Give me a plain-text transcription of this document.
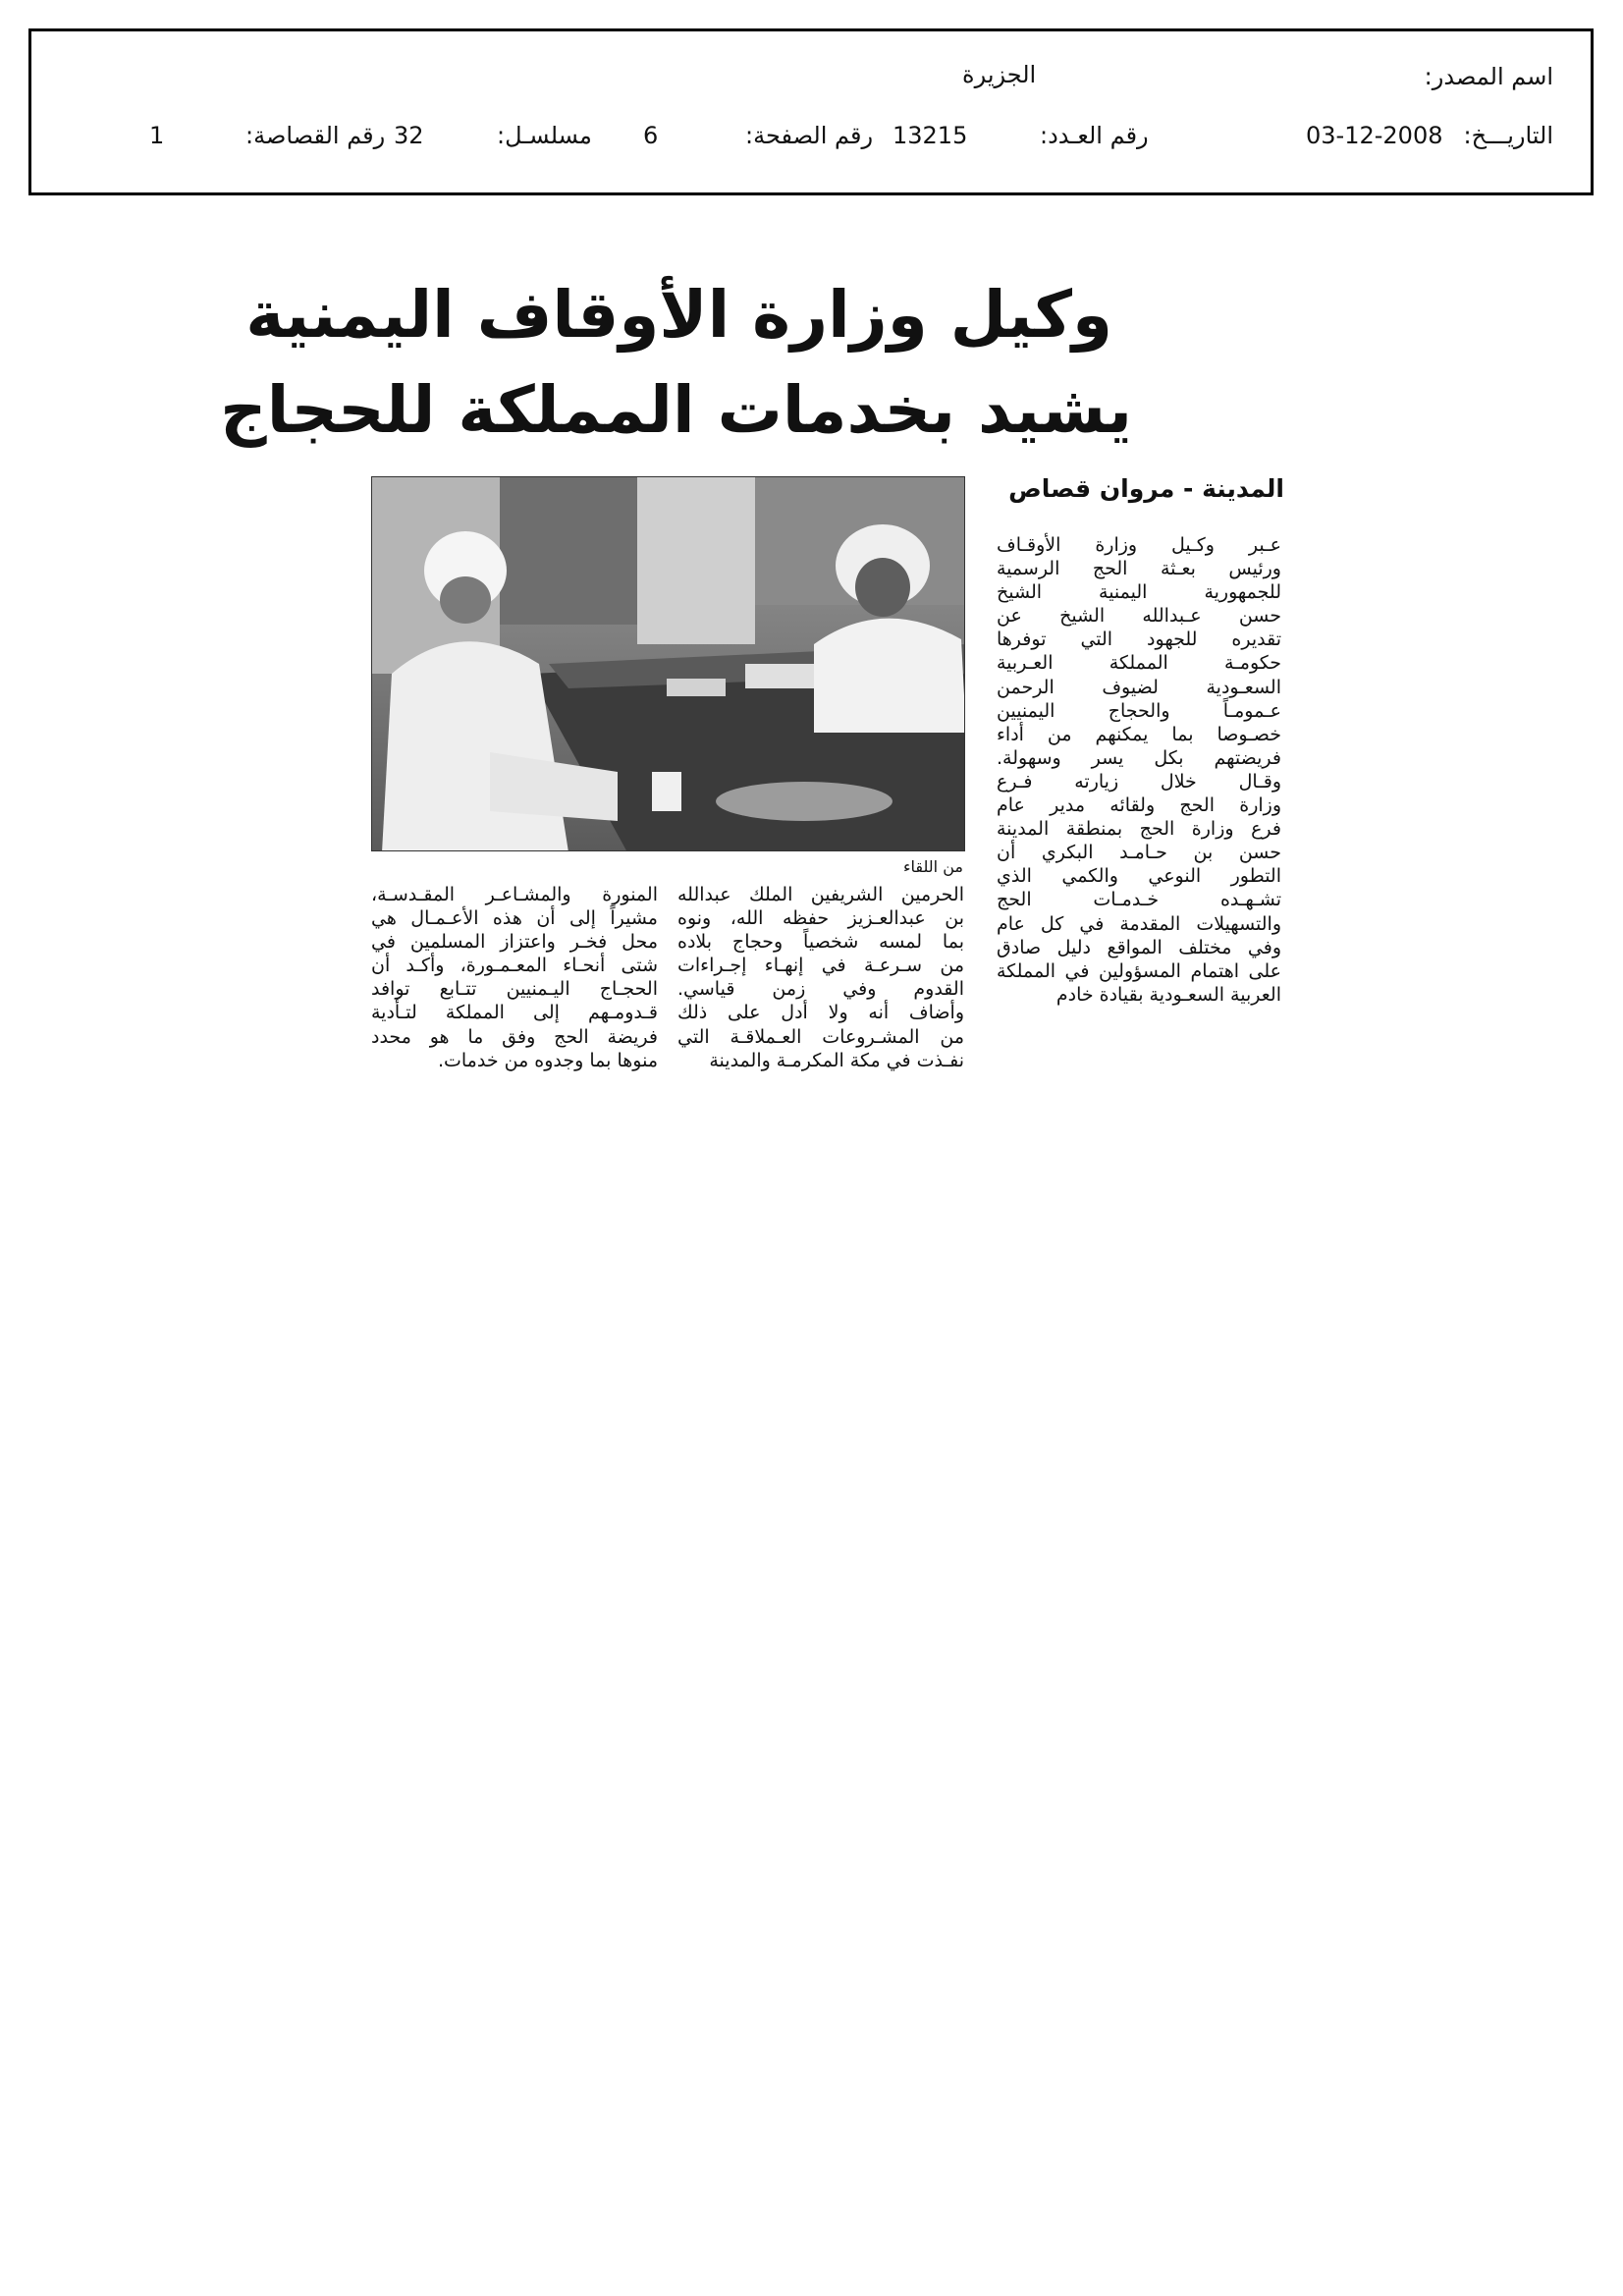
اسم المصدر:
الجزيرة
التاريـــخ:
03-12-2008
رقم العـدد:
13215
رقم الصفحة:
6
مسلسـل:
32
رقم القصاصة:
1
وكيل وزارة الأوقاف اليمنية
يشيد بخدمات المملكة للحجاج
المدينة - مروان قصاص
من اللقاء
عـبر وكـيل وزارة الأوقـاف
ورئيس بعـثة الحج الرسمية
للجمهورية اليمنية الشيخ
حسن عـبدالله الشيخ عن
تقديره للجهود التي توفرها
حكومـة المملكة العـربية
السعـودية لضيوف الرحمن
عـمومـاً والحجاج اليمنيين
خصـوصا بما يمكنهم من أداء
فريضتهم بكل يسر وسهولة.
وقـال خلال زيارته فـرع
وزارة الحج ولقائه مدير عام
فرع وزارة الحج بمنطقة المدينة
حسن بن حـامـد البكري أن
التطور النوعي والكمي الذي
تشـهـده خـدمـات الحج
والتسهيلات المقدمة في كل عام
وفي مختلف المواقع دليل صادق
على اهتمام المسؤولين في المملكة
العربية السعـودية بقيادة خادم
الحرمين الشريفين الملك عبدالله
بن عبدالعـزيز حفظه الله، ونوه
بما لمسه شخصياً وحجاج بلاده
من سـرعـة في إنهـاء إجـراءات
القدوم وفي زمن قياسي.
وأضاف أنه ولا أدل على ذلك
من المشـروعات العـملاقـة التي
نفـذت في مكة المكرمـة والمدينة
المنورة والمشـاعـر المقـدسـة،
مشيراً إلى أن هذه الأعـمـال هي
محل فخـر واعتزاز المسلمين في
شتى أنحـاء المعـمـورة، وأكـد أن
الحجـاج اليـمنيين تتـابع توافد
قـدومـهم إلى المملكة لتـأدية
فريضة الحج وفق ما هو محدد
منوها بما وجدوه من خدمات.
